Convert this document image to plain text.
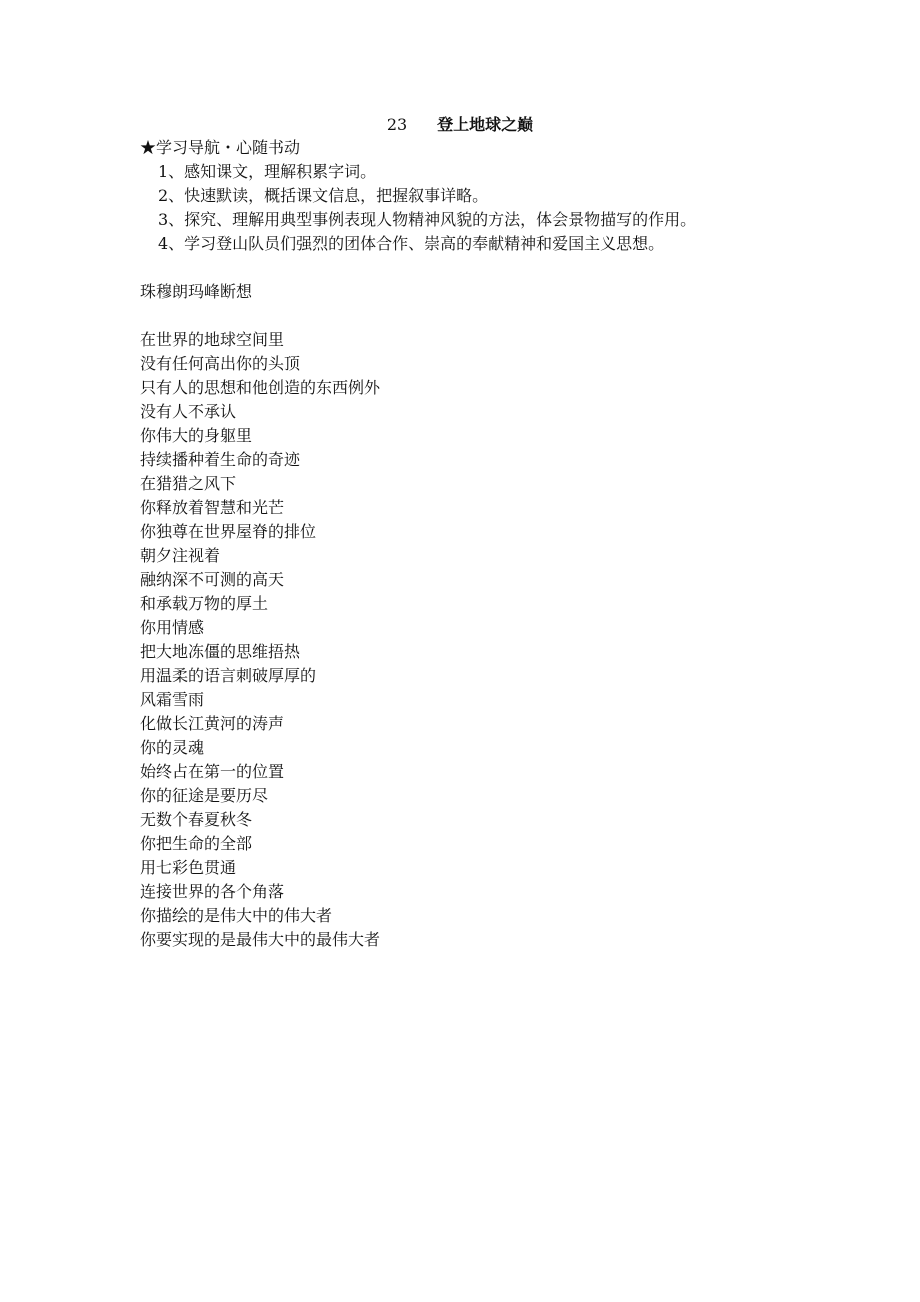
23 登上地球之巅
★学习导航・心随书动
1、感知课文，理解积累字词。
2、快速默读，概括课文信息，把握叙事详略。
3、探究、理解用典型事例表现人物精神风貌的方法，体会景物描写的作用。
4、学习登山队员们强烈的团体合作、崇高的奉献精神和爱国主义思想。
珠穆朗玛峰断想
在世界的地球空间里
没有任何高出你的头顶
只有人的思想和他创造的东西例外
没有人不承认
你伟大的身躯里
持续播种着生命的奇迹
在猎猎之风下
你释放着智慧和光芒
你独尊在世界屋脊的排位
朝夕注视着
融纳深不可测的高天
和承载万物的厚土
你用情感
把大地冻僵的思维捂热
用温柔的语言刺破厚厚的
风霜雪雨
化做长江黄河的涛声
你的灵魂
始终占在第一的位置
你的征途是要历尽
无数个春夏秋冬
你把生命的全部
用七彩色贯通
连接世界的各个角落
你描绘的是伟大中的伟大者
你要实现的是最伟大中的最伟大者
